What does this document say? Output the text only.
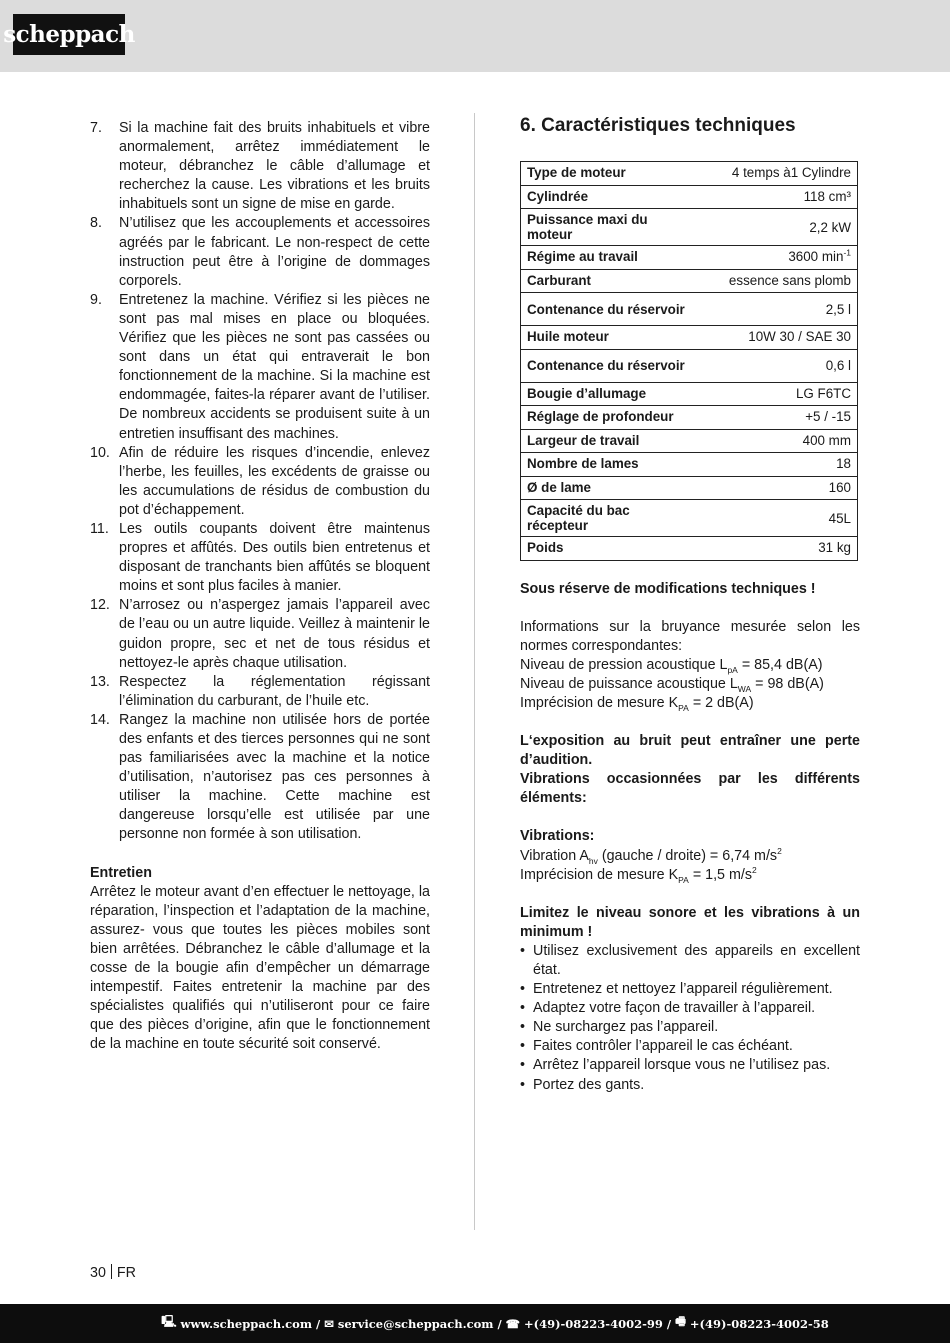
scheppach
7.	Si la machine fait des bruits inhabituels et vibre anormalement, arrêtez immédiatement le moteur, débranchez le câble d’allumage et recherchez la cause. Les vibrations et les bruits inhabituels sont un signe de mise en garde.
8.	N’utilisez que les accouplements et accessoires agréés par le fabricant. Le non-respect de cette instruction peut être à l’origine de dommages corporels.
9.	Entretenez la machine. Vérifiez si les pièces ne sont pas mal mises en place ou bloquées. Vérifiez que les pièces ne sont pas cassées ou sont dans un état qui entraverait le bon fonctionnement de la machine. Si la machine est endommagée, faites-la réparer avant de l’utiliser. De nombreux accidents se produisent suite à un entretien insuffisant des machines.
10. Afin de réduire les risques d’incendie, enlevez l’herbe, les feuilles, les excédents de graisse ou les accumulations de résidus de combustion du pot d’échappement.
11. Les outils coupants doivent être maintenus propres et affûtés. Des outils bien entretenus et disposant de tranchants bien affûtés se bloquent moins et sont plus faciles à manier.
12. N’arrosez ou n’aspergez jamais l’appareil avec de l’eau ou un autre liquide. Veillez à maintenir le guidon propre, sec et net de tous résidus et nettoyez-le après chaque utilisation.
13. Respectez la réglementation régissant l’élimination du carburant, de l’huile etc.
14. Rangez la machine non utilisée hors de portée des enfants et des tierces personnes qui ne sont pas familiarisées avec la machine et la notice d’utilisation, n’autorisez pas ces personnes à utiliser la machine. Cette machine est dangereuse lorsqu’elle est utilisée par une personne non formée à son utilisation.
Entretien

Arrêtez le moteur avant d’en effectuer le nettoyage, la réparation, l’inspection et l’adaptation de la machine, assurez- vous que toutes les pièces mobiles sont bien arrêtées. Débranchez le câble d’allumage et la cosse de la bougie afin d’empêcher un démarrage intempestif. Faites entretenir la machine par des spécialistes qualifiés qui n’utiliseront pour ce faire que des pièces d’origine, afin que le fonctionnement de la machine en toute sécurité soit conservé.

6. Caractéristiques techniques
Type de moteur	4 temps à1 Cylindre
Cylindrée	118 cm³
Puissance maxi du moteur	2,2 kW
Régime au travail	3600 $\min^{-1}$
Carburant	essence sans plomb
Contenance du réservoir	2,5 l
Huile moteur	10W 30 / SAE 30
Contenance du réservoir	0,6 l
Bougie d’allumage	LG F6TC
Réglage de profondeur	+5 / -15
Largeur de travail	400 mm
Nombre de lames	18
Ø de lame	160
Capacité du bac récepteur	45L
Poids	31 kg

Sous réserve de modifications techniques !

Informations sur la bruyance mesurée selon les normes correspondantes:

Niveau de pression acoustique $L_{pA} = 85,4$ dB(A)

Niveau de puissance acoustique $L_{WA} = 98$ dB(A)

Imprécision de mesure $K_{PA} = 2$ dB(A)

L‘exposition au bruit peut entraîner une perte d’audition.

Vibrations occasionnées par les différents éléments:

Vibrations:

Vibration $A_{hv}$ (gauche / droite) = 6,74 $m/s^2$

Imprécision de mesure $K_{PA} = 1,5$ $m/s^2$

Limitez le niveau sonore et les vibrations à un minimum !

• Utilisez exclusivement des appareils en excellent état.
• Entretenez et nettoyez l’appareil régulièrement.
• Adaptez votre façon de travailler à l’appareil.
• Ne surchargez pas l’appareil.
• Faites contrôler l’appareil le cas échéant.
• Arrêtez l’appareil lorsque vous ne l’utilisez pas.
• Portez des gants.
30 FR
🖳 www.scheppach.com / ✉ service@scheppach.com / ☎ +(49)-08223-4002-99 / 🖷 +(49)-08223-4002-58
